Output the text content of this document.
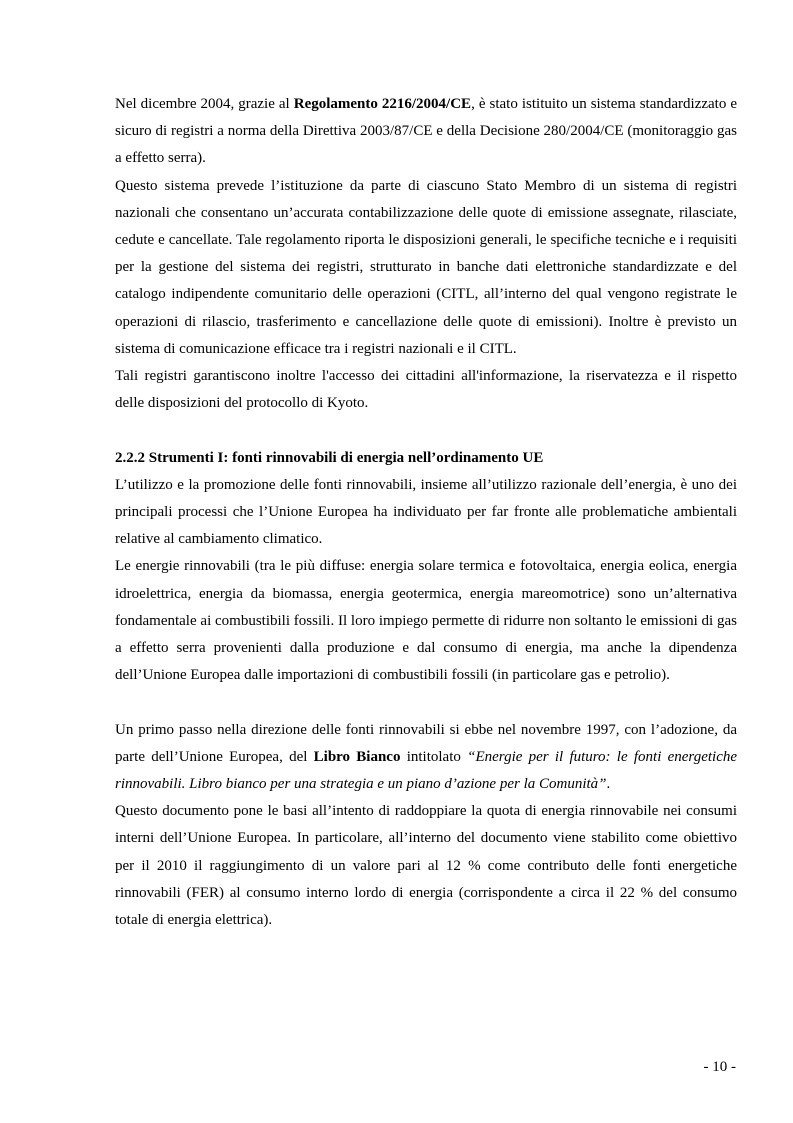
Nel dicembre 2004, grazie al Regolamento 2216/2004/CE, è stato istituito un sistema standardizzato e sicuro di registri a norma della Direttiva 2003/87/CE e della Decisione 280/2004/CE (monitoraggio gas a effetto serra).

Questo sistema prevede l’istituzione da parte di ciascuno Stato Membro di un sistema di registri nazionali che consentano un’accurata contabilizzazione delle quote di emissione assegnate, rilasciate, cedute e cancellate. Tale regolamento riporta le disposizioni generali, le specifiche tecniche e i requisiti per la gestione del sistema dei registri, strutturato in banche dati elettroniche standardizzate e del catalogo indipendente comunitario delle operazioni (CITL, all’interno del qual vengono registrate le operazioni di rilascio, trasferimento e cancellazione delle quote di emissioni). Inoltre è previsto un sistema di comunicazione efficace tra i registri nazionali e il CITL.

Tali registri garantiscono inoltre l'accesso dei cittadini all'informazione, la riservatezza e il rispetto delle disposizioni del protocollo di Kyoto.

2.2.2 Strumenti I: fonti rinnovabili di energia nell’ordinamento UE

L’utilizzo e la promozione delle fonti rinnovabili, insieme all’utilizzo razionale dell’energia, è uno dei principali processi che l’Unione Europea ha individuato per far fronte alle problematiche ambientali relative al cambiamento climatico.

Le energie rinnovabili (tra le più diffuse: energia solare termica e fotovoltaica, energia eolica, energia idroelettrica, energia da biomassa, energia geotermica, energia mareomotrice) sono un’alternativa fondamentale ai combustibili fossili. Il loro impiego permette di ridurre non soltanto le emissioni di gas a effetto serra provenienti dalla produzione e dal consumo di energia, ma anche la dipendenza dell’Unione Europea dalle importazioni di combustibili fossili (in particolare gas e petrolio).

Un primo passo nella direzione delle fonti rinnovabili si ebbe nel novembre 1997, con l’adozione, da parte dell’Unione Europea, del Libro Bianco intitolato “Energie per il futuro: le fonti energetiche rinnovabili. Libro bianco per una strategia e un piano d’azione per la Comunità”.

Questo documento pone le basi all’intento di raddoppiare la quota di energia rinnovabile nei consumi interni dell’Unione Europea. In particolare, all’interno del documento viene stabilito come obiettivo per il 2010 il raggiungimento di un valore pari al 12 % come contributo delle fonti energetiche rinnovabili (FER) al consumo interno lordo di energia (corrispondente a circa il 22 % del consumo totale di energia elettrica).

- 10 -
